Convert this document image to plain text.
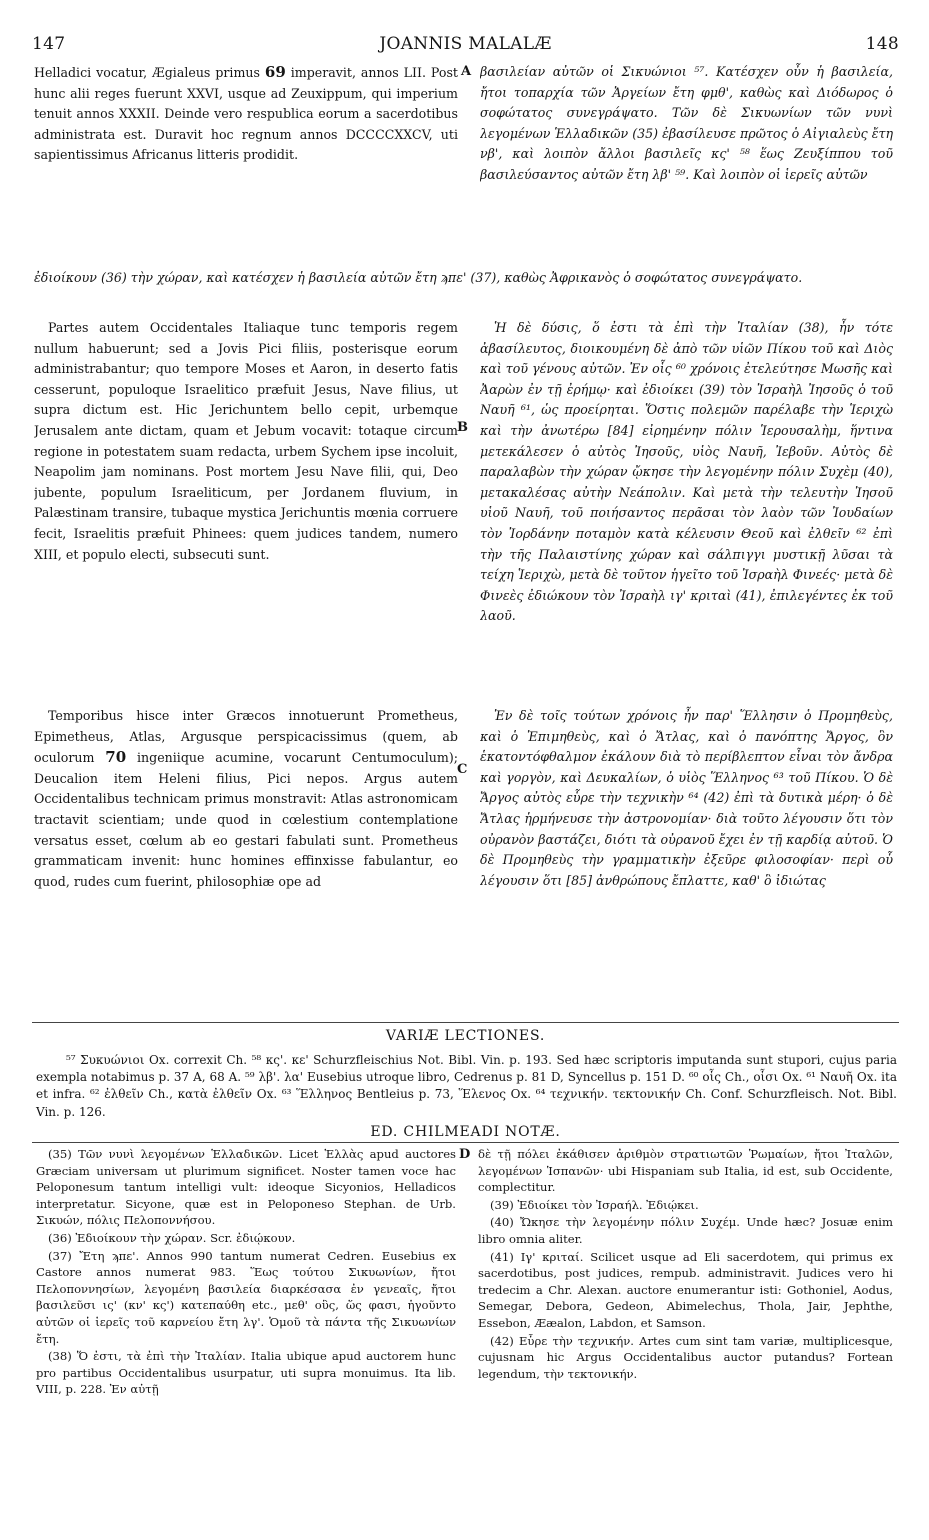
147	JOANNIS MALALÆ	148

Helladici vocatur, Ægialeus primus 69 imperavit, annos LII. Post hunc alii reges fuerunt XXVI, usque ad Zeuxippum, qui imperium tenuit annos XXXII. Deinde vero respublica eorum a sacerdotibus administrata est. Duravit hoc regnum annos DCCCCXXCV, uti sapientissimus Africanus litteris prodidit.

A βασιλείαν αὐτῶν οἱ Σικυώνιοι ⁵⁷. Κατέσχεν οὖν ἡ βασιλεία, ἤτοι τοπαρχία τῶν Ἀργείων ἔτη φμθ', καθὼς καὶ Διόδωρος ὁ σοφώτατος συνεγράψατο. Τῶν δὲ Σικυωνίων τῶν νυνὶ λεγομένων Ἑλλαδικῶν (35) ἐβασίλευσε πρῶτος ὁ Αἰγιαλεὺς ἔτη νβ', καὶ λοιπὸν ἄλλοι βασιλεῖς κς' ⁵⁸ ἕως Ζευξίππου τοῦ βασιλεύσαντος αὐτῶν ἔτη λβ' ⁵⁹. Καὶ λοιπὸν οἱ ἱερεῖς αὐτῶν

ἐδιοίκουν (36) τὴν χώραν, καὶ κατέσχεν ἡ βασιλεία αὐτῶν ἔτη ϡπε' (37), καθὼς Ἀφρικανὸς ὁ σοφώτατος συνεγράψατο.

Partes autem Occidentales Italiaque tunc temporis regem nullum habuerunt; sed a Jovis Pici filiis, posterisque eorum administrabantur; quo tempore Moses et Aaron, in deserto fatis cesserunt, populoque Israelitico præfuit Jesus, Nave filius, ut supra dictum est. Hic Jerichuntem bello cepit, urbemque Jerusalem ante dictam, quam et Jebum vocavit: totaque circum regione in potestatem suam redacta, urbem Sychem ipse incoluit, Neapolim jam nominans. Post mortem Jesu Nave filii, qui, Deo jubente, populum Israeliticum, per Jordanem fluvium, in Palæstinam transire, tubaque mystica Jerichuntis mœnia corruere fecit, Israelitis præfuit Phinees: quem judices tandem, numero XIII, et populo electi, subsecuti sunt.

B

Ἡ δὲ δύσις, ὅ ἐστι τὰ ἐπὶ τὴν Ἰταλίαν (38), ἦν τότε ἀβασίλευτος, διοικουμένη δὲ ἀπὸ τῶν υἱῶν Πίκου τοῦ καὶ Διὸς καὶ τοῦ γένους αὐτῶν. Ἐν οἷς ⁶⁰ χρόνοις ἐτελεύτησε Μωσῆς καὶ Ἀαρὼν ἐν τῇ ἐρήμῳ· καὶ ἐδιοίκει (39) τὸν Ἰσραὴλ Ἰησοῦς ὁ τοῦ Ναυῆ ⁶¹, ὡς προείρηται. Ὅστις πολεμῶν παρέλαβε τὴν Ἱεριχὼ καὶ τὴν ἀνωτέρω [84] εἰρημένην πόλιν Ἱερουσαλὴμ, ἥντινα μετεκάλεσεν ὁ αὐτὸς Ἰησοῦς, υἱὸς Ναυῆ, Ἰεβοῦν. Αὐτὸς δὲ παραλαβὼν τὴν χώραν ᾤκησε τὴν λεγομένην πόλιν Συχὲμ (40), μετακαλέσας αὐτὴν Νεάπολιν. Καὶ μετὰ τὴν τελευτὴν Ἰησοῦ υἱοῦ Ναυῆ, τοῦ ποιήσαντος περᾶσαι τὸν λαὸν τῶν Ἰουδαίων τὸν Ἰορδάνην ποταμὸν κατὰ κέλευσιν Θεοῦ καὶ ἐλθεῖν ⁶² ἐπὶ τὴν τῆς Παλαιστίνης χώραν καὶ σάλπιγγι μυστικῇ λῦσαι τὰ τείχη Ἱεριχὼ, μετὰ δὲ τοῦτον ἡγεῖτο τοῦ Ἰσραὴλ Φινεές· μετὰ δὲ Φινεὲς ἐδιώκουν τὸν Ἰσραὴλ ιγ' κριταὶ (41), ἐπιλεγέντες ἐκ τοῦ λαοῦ.

Temporibus hisce inter Græcos innotuerunt Prometheus, Epimetheus, Atlas, Argusque perspicacissimus (quem, ab oculorum 70 ingeniique acumine, vocarunt Centumoculum); Deucalion item Heleni filius, Pici nepos. Argus autem Occidentalibus technicam primus monstravit: Atlas astronomicam tractavit scientiam; unde quod in cœlestium contemplatione versatus esset, cœlum ab eo gestari fabulati sunt. Prometheus grammaticam invenit: hunc homines effinxisse fabulantur, eo quod, rudes cum fuerint, philosophiæ ope ad

C

Ἐν δὲ τοῖς τούτων χρόνοις ἦν παρ' Ἕλλησιν ὁ Προμηθεὺς, καὶ ὁ Ἐπιμηθεὺς, καὶ ὁ Ἄτλας, καὶ ὁ πανόπτης Ἄργος, ὃν ἑκατοντόφθαλμον ἐκάλουν διὰ τὸ περίβλεπτον εἶναι τὸν ἄνδρα καὶ γοργὸν, καὶ Δευκαλίων, ὁ υἱὸς Ἕλληνος ⁶³ τοῦ Πίκου. Ὁ δὲ Ἄργος αὐτὸς εὗρε τὴν τεχνικὴν ⁶⁴ (42) ἐπὶ τὰ δυτικὰ μέρη· ὁ δὲ Ἄτλας ἡρμήνευσε τὴν ἀστρονομίαν· διὰ τοῦτο λέγουσιν ὅτι τὸν οὐρανὸν βαστάζει, διότι τὰ οὐρανοῦ ἔχει ἐν τῇ καρδίᾳ αὐτοῦ. Ὁ δὲ Προμηθεὺς τὴν γραμματικὴν ἐξεῦρε φιλοσοφίαν· περὶ οὗ λέγουσιν ὅτι [85] ἀνθρώπους ἔπλαττε, καθ' ὃ ἰδιώτας

VARIÆ LECTIONES.

⁵⁷ Συκυώνιοι Ox. correxit Ch. ⁵⁸ κς'. κε' Schurzfleischius Not. Bibl. Vin. p. 193. Sed hæc scriptoris imputanda sunt stupori, cujus paria exempla notabimus p. 37 A, 68 A. ⁵⁹ λβ'. λα' Eusebius utroque libro, Cedrenus p. 81 D, Syncellus p. 151 D. ⁶⁰ οἷς Ch., οἷσι Ox. ⁶¹ Ναυῆ Ox. ita et infra. ⁶² ἐλθεῖν Ch., κατὰ ἐλθεῖν Ox. ⁶³ Ἕλληνος Bentleius p. 73, Ἕλενος Ox. ⁶⁴ τεχνικήν. τεκτονικήν Ch. Conf. Schurzfleisch. Not. Bibl. Vin. p. 126.

ED. CHILMEADI NOTÆ.

(35) Τῶν νυνὶ λεγομένων Ἑλλαδικῶν. Licet Ἑλλὰς apud auctores Græciam universam ut plurimum significet. Noster tamen voce hac Peloponesum tantum intelligi vult: ideoque Sicyonios, Helladicos interpretatur. Sicyone, quæ est in Peloponeso Stephan. de Urb. Σικυών, πόλις Πελοποννήσου.

(36) Ἐδιοίκουν τὴν χώραν. Scr. ἐδιῴκουν.

(37) Ἔτη ϡπε'. Annos 990 tantum numerat Cedren. Eusebius ex Castore annos numerat 983. Ἕως τούτου Σικυωνίων, ἤτοι Πελοποννησίων, λεγομένη βασιλεία διαρκέσασα ἐν γενεαῖς, ἤτοι βασιλεῦσι ις' (κν' κς') κατεπαύθη etc., μεθ' οὓς, ὥς φασι, ἡγοῦντο αὐτῶν οἱ ἱερεῖς τοῦ καρνείου ἔτη λγ'. Ὁμοῦ τὰ πάντα τῆς Σικυωνίων ἔτη.

(38) Ὅ ἐστι, τὰ ἐπὶ τὴν Ἰταλίαν. Italia ubique apud auctorem hunc pro partibus Occidentalibus usurpatur, uti supra monuimus. Ita lib. VIII, p. 228. Ἐν αὐτῇ

D δὲ τῇ πόλει ἐκάθισεν ἀριθμὸν στρατιωτῶν Ῥωμαίων, ἤτοι Ἰταλῶν, λεγομένων Ἱσπανῶν· ubi Hispaniam sub Italia, id est, sub Occidente, complectitur.

(39) Ἐδιοίκει τὸν Ἰσραήλ. Ἐδιῴκει.

(40) Ὤκησε τὴν λεγομένην πόλιν Συχέμ. Unde hæc? Josuæ enim libro omnia aliter.

(41) Ιγ' κριταί. Scilicet usque ad Eli sacerdotem, qui primus ex sacerdotibus, post judices, rempub. administravit. Judices vero hi tredecim a Chr. Alexan. auctore enumerantur isti: Gothoniel, Aodus, Semegar, Debora, Gedeon, Abimelechus, Thola, Jair, Jephthe, Essebon, Ææalon, Labdon, et Samson.

(42) Εὗρε τὴν τεχνικήν. Artes cum sint tam variæ, multiplicesque, cujusnam hic Argus Occidentalibus auctor putandus? Fortean legendum, τὴν τεκτονικήν.
